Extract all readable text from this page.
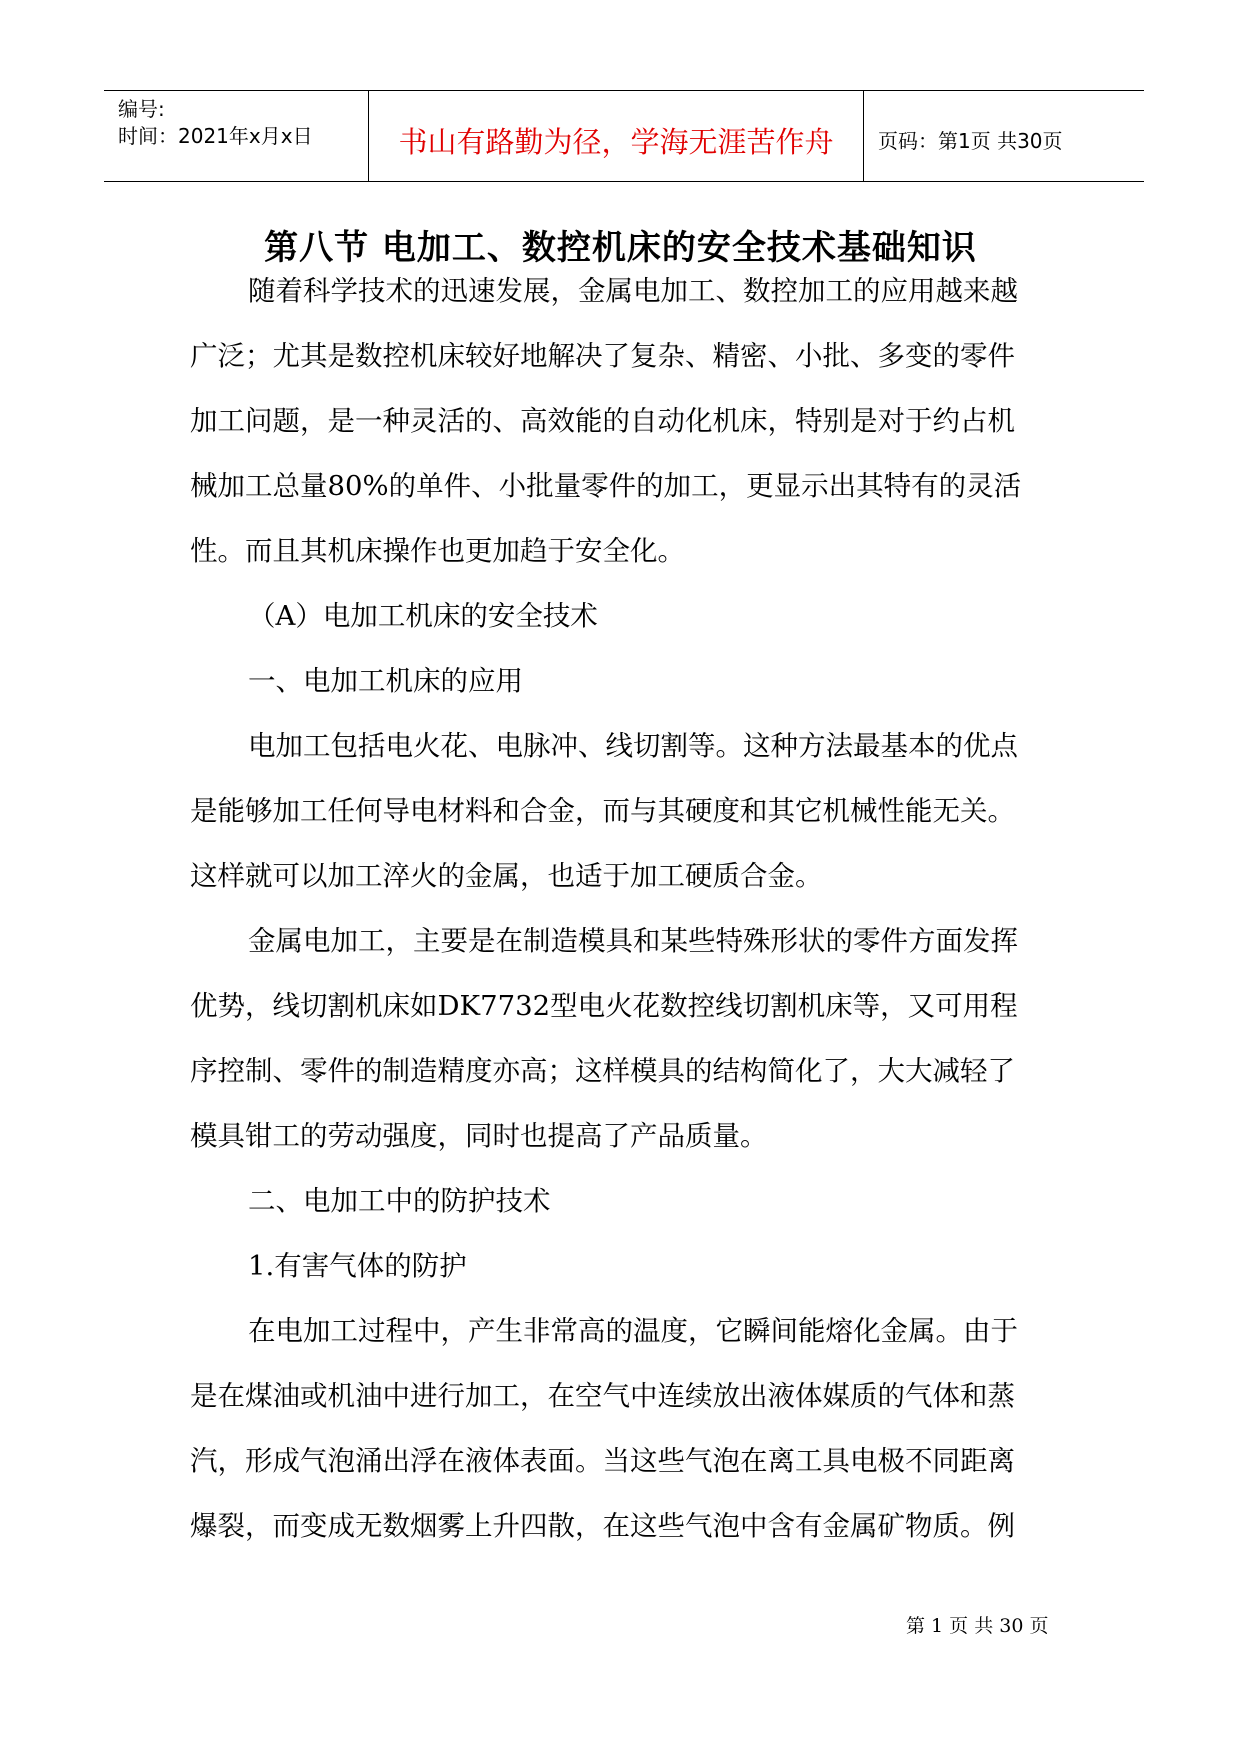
编号:
时间：2021年x月x日	书山有路勤为径，学海无涯苦作舟	页码：第1页 共30页
第八节 电加工、数控机床的安全技术基础知识
随着科学技术的迅速发展，金属电加工、数控加工的应用越来越
广泛；尤其是数控机床较好地解决了复杂、精密、小批、多变的零件
加工问题，是一种灵活的、高效能的自动化机床，特别是对于约占机
械加工总量80%的单件、小批量零件的加工，更显示出其特有的灵活
性。而且其机床操作也更加趋于安全化。
（A）电加工机床的安全技术
一、电加工机床的应用
电加工包括电火花、电脉冲、线切割等。这种方法最基本的优点
是能够加工任何导电材料和合金，而与其硬度和其它机械性能无关。
这样就可以加工淬火的金属，也适于加工硬质合金。
金属电加工，主要是在制造模具和某些特殊形状的零件方面发挥
优势，线切割机床如DK7732型电火花数控线切割机床等，又可用程
序控制、零件的制造精度亦高；这样模具的结构简化了，大大减轻了
模具钳工的劳动强度，同时也提高了产品质量。
二、电加工中的防护技术
1.有害气体的防护
在电加工过程中，产生非常高的温度，它瞬间能熔化金属。由于
是在煤油或机油中进行加工，在空气中连续放出液体媒质的气体和蒸
汽，形成气泡涌出浮在液体表面。当这些气泡在离工具电极不同距离
爆裂，而变成无数烟雾上升四散，在这些气泡中含有金属矿物质。例
第 1 页 共 30 页
